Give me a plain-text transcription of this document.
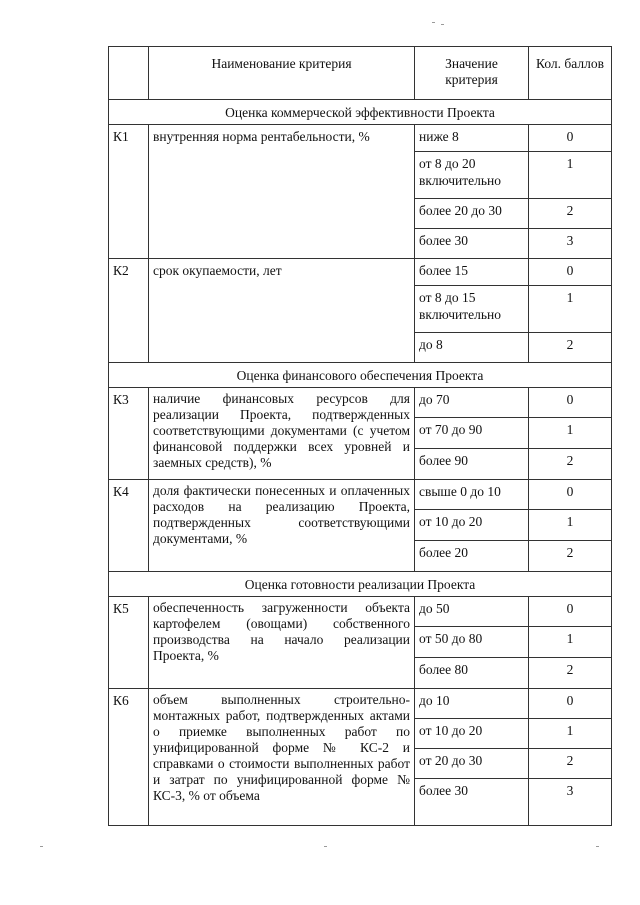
	Наименование критерия	Значение критерия	Кол. баллов
Оценка коммерческой эффективности Проекта			
К1	внутренняя норма рентабельности, %	ниже 8	0
		от 8 до 20 включительно	1
		более 20 до 30	2
		более 30	3
К2	срок окупаемости, лет	более 15	0
		от 8 до 15 включительно	1
		до 8	2
Оценка финансового обеспечения Проекта			
К3	наличие финансовых ресурсов для реализации Проекта, подтвержденных соответствующими документами (с учетом финансовой поддержки всех уровней и заемных средств), %	до 70	0
		от 70 до 90	1
		более 90	2
К4	доля фактически понесенных и оплаченных расходов на реализацию Проекта, подтвержденных соответствующими документами, %	свыше 0 до 10	0
		от 10 до 20	1
		более 20	2
Оценка готовности реализации Проекта			
К5	обеспеченность загруженности объекта картофелем (овощами) собственного производства на начало реализации Проекта, %	до 50	0
		от 50 до 80	1
		более 80	2
К6	объем выполненных строительно-монтажных работ, подтвержденных актами о приемке выполненных работ по унифицированной форме № КС-2 и справками о стоимости выполненных работ и затрат по унифицированной форме № КС-3, % от объема	до 10	0
		от 10 до 20	1
		от 20 до 30	2
		более 30	3
